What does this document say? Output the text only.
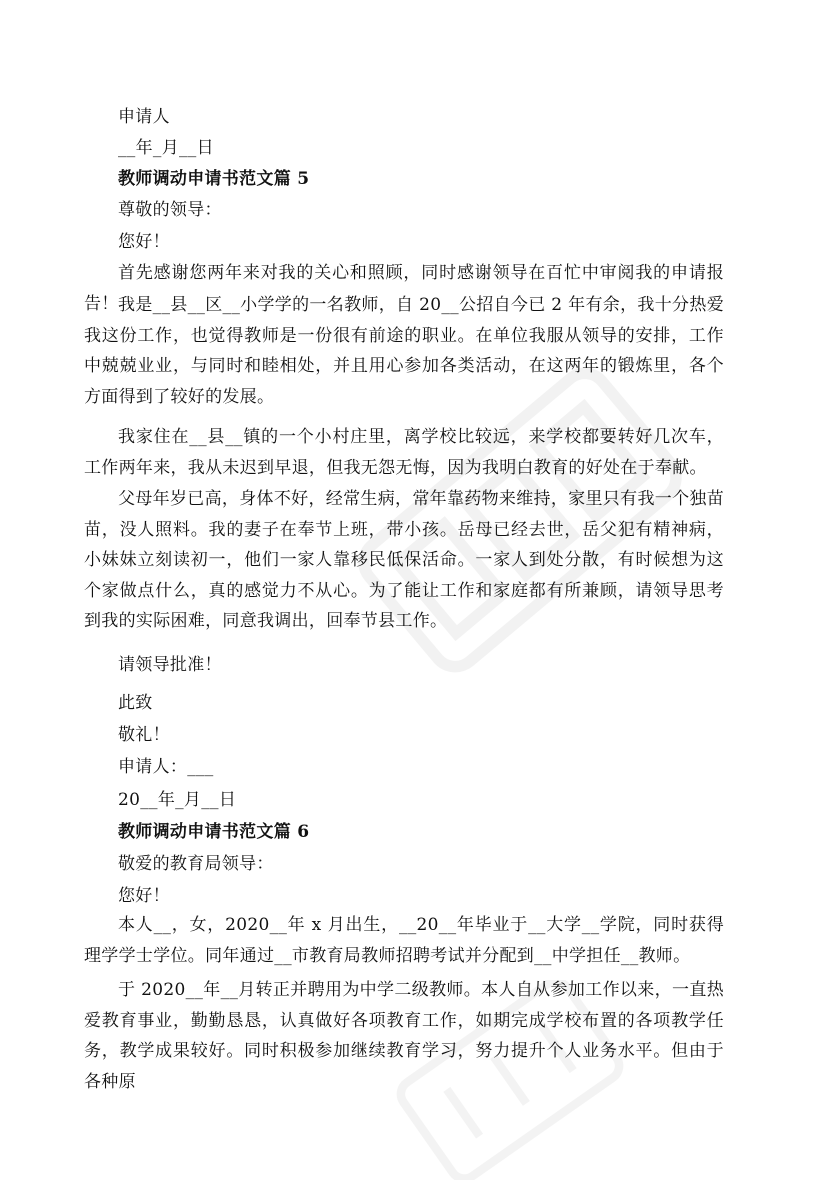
申请人
__年_月__日
教师调动申请书范文篇 5
尊敬的领导：
您好！
首先感谢您两年来对我的关心和照顾，同时感谢领导在百忙中审阅我的申请报告！ 我是__县__区__小学学的一名教师，自 20__公招自今已 2 年有余，我十分热爱我这份工作，也觉得教师是一份很有前途的职业。在单位我服从领导的安排，工作中兢兢业业，与同时和睦相处，并且用心参加各类活动，在这两年的锻炼里，各个方面得到了较好的发展。
我家住在__县__镇的一个小村庄里，离学校比较远，来学校都要转好几次车，工作两年来，我从未迟到早退，但我无怨无悔，因为我明白教育的好处在于奉献。
父母年岁已高，身体不好，经常生病，常年靠药物来维持，家里只有我一个独苗苗，没人照料。我的妻子在奉节上班，带小孩。岳母已经去世，岳父犯有精神病，小妹妹立刻读初一，他们一家人靠移民低保活命。一家人到处分散，有时候想为这个家做点什么，真的感觉力不从心。为了能让工作和家庭都有所兼顾，请领导思考到我的实际困难，同意我调出，回奉节县工作。
请领导批准！
此致
敬礼！
申请人：___
20__年_月__日
教师调动申请书范文篇 6
敬爱的教育局领导：
您好！
本人__，女，2020__年 x 月出生，__20__年毕业于__大学__学院，同时获得理学学士学位。同年通过__市教育局教师招聘考试并分配到__中学担任__教师。
于 2020__年__月转正并聘用为中学二级教师。本人自从参加工作以来，一直热爱教育事业，勤勤恳恳，认真做好各项教育工作，如期完成学校布置的各项教学任务，教学成果较好。同时积极参加继续教育学习，努力提升个人业务水平。但由于各种原
